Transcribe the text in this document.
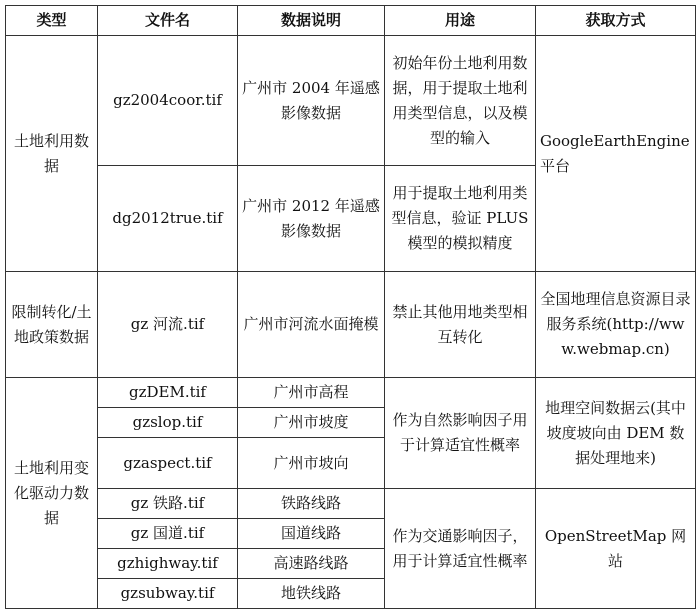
类型	文件名	数据说明	用途	获取方式
土地利用数据	gz2004coor.tif	广州市 2004 年遥感影像数据	初始年份土地利用数据，用于提取土地利用类型信息，以及模型的输入	GoogleEarthEngine 平台
	dg2012true.tif	广州市 2012 年遥感影像数据	用于提取土地利用类型信息，验证 PLUS 模型的模拟精度	
限制转化/土地政策数据	gz 河流.tif	广州市河流水面掩模	禁止其他用地类型相互转化	全国地理信息资源目录服务系统(http://www.webmap.cn)
土地利用变化驱动力数据	gzDEM.tif	广州市高程	作为自然影响因子用于计算适宜性概率	地理空间数据云(其中坡度坡向由 DEM 数据处理地来)
	gzslop.tif	广州市坡度		
	gzaspect.tif	广州市坡向		
	gz 铁路.tif	铁路线路	作为交通影响因子，用于计算适宜性概率	OpenStreetMap 网站
	gz 国道.tif	国道线路		
	gzhighway.tif	高速路线路		
	gzsubway.tif	地铁线路		
